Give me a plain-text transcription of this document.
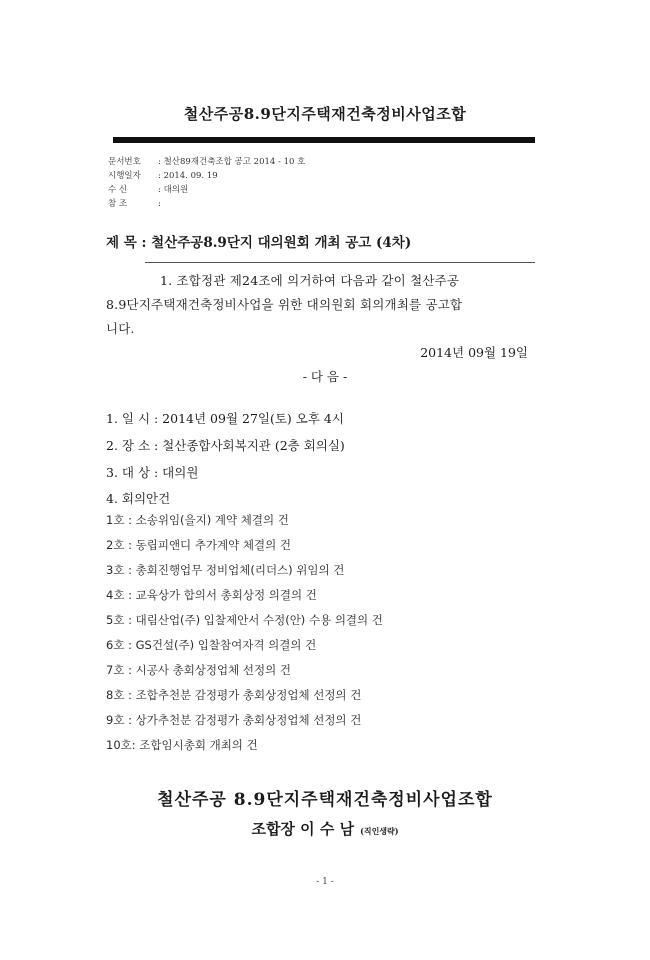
철산주공8.9단지주택재건축정비사업조합
문서번호 : 철산89재건축조합 공고 2014 - 10 호
시행일자 : 2014. 09. 19
수 신	: 대의원
참 조	:
제 목 : 철산주공8.9단지 대의원회 개최 공고 (4차)
1. 조합정관 제24조에 의거하여 다음과 같이 철산주공
8.9단지주택재건축정비사업을 위한 대의원회 회의개최를 공고합
니다.
2014년 09월 19일
- 다 음 -
1. 일 시 : 2014년 09월 27일(토) 오후 4시
2. 장 소 : 철산종합사회복지관 (2층 회의실)
3. 대 상 : 대의원
4. 회의안건
1호 : 소송위임(을지) 계약 체결의 건
2호 : 동립피앤디 추가계약 체결의 건
3호 : 총회진행업무 정비업체(리더스) 위임의 건
4호 : 교육상가 합의서 총회상정 의결의 건
5호 : 대림산업(주) 입찰제안서 수정(안) 수용 의결의 건
6호 : GS건설(주) 입찰참여자격 의결의 건
7호 : 시공사 총회상정업체 선정의 건
8호 : 조합추천분 감정평가 총회상정업체 선정의 건
9호 : 상가추천분 감정평가 총회상정업체 선정의 건
10호: 조합임시총회 개최의 건
철산주공 8.9단지주택재건축정비사업조합
조합장 이 수 남 (직인생략)
- 1 -
